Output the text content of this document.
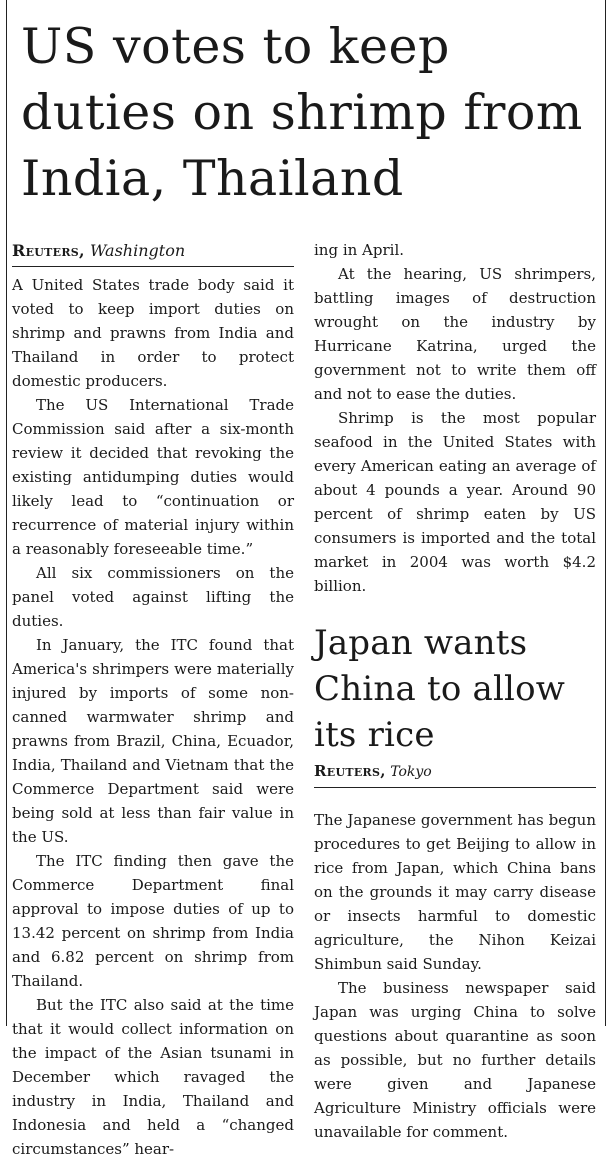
US votes to keep duties on shrimp from India, Thailand
Reuters, Washington

A United States trade body said it voted to keep import duties on shrimp and prawns from India and Thailand in order to protect domestic producers.

The US International Trade Commission said after a six-month review it decided that revoking the existing antidumping duties would likely lead to “continuation or recurrence of material injury within a reasonably foreseeable time.”

All six commissioners on the panel voted against lifting the duties.

In January, the ITC found that America's shrimpers were materially injured by imports of some non-canned warmwater shrimp and prawns from Brazil, China, Ecuador, India, Thailand and Vietnam that the Commerce Department said were being sold at less than fair value in the US.

The ITC finding then gave the Commerce Department final approval to impose duties of up to 13.42 percent on shrimp from India and 6.82 percent on shrimp from Thailand.

But the ITC also said at the time that it would collect information on the impact of the Asian tsunami in December which ravaged the industry in India, Thailand and Indonesia and held a “changed circumstances” hear-

ing in April.

At the hearing, US shrimpers, battling images of destruction wrought on the industry by Hurricane Katrina, urged the government not to write them off and not to ease the duties.

Shrimp is the most popular seafood in the United States with every American eating an average of about 4 pounds a year. Around 90 percent of shrimp eaten by US consumers is imported and the total market in 2004 was worth $4.2 billion.

Japan wants China to allow its rice
Reuters, Tokyo

The Japanese government has begun procedures to get Beijing to allow in rice from Japan, which China bans on the grounds it may carry disease or insects harmful to domestic agriculture, the Nihon Keizai Shimbun said Sunday.

The business newspaper said Japan was urging China to solve questions about quarantine as soon as possible, but no further details were given and Japanese Agriculture Ministry officials were unavailable for comment.
